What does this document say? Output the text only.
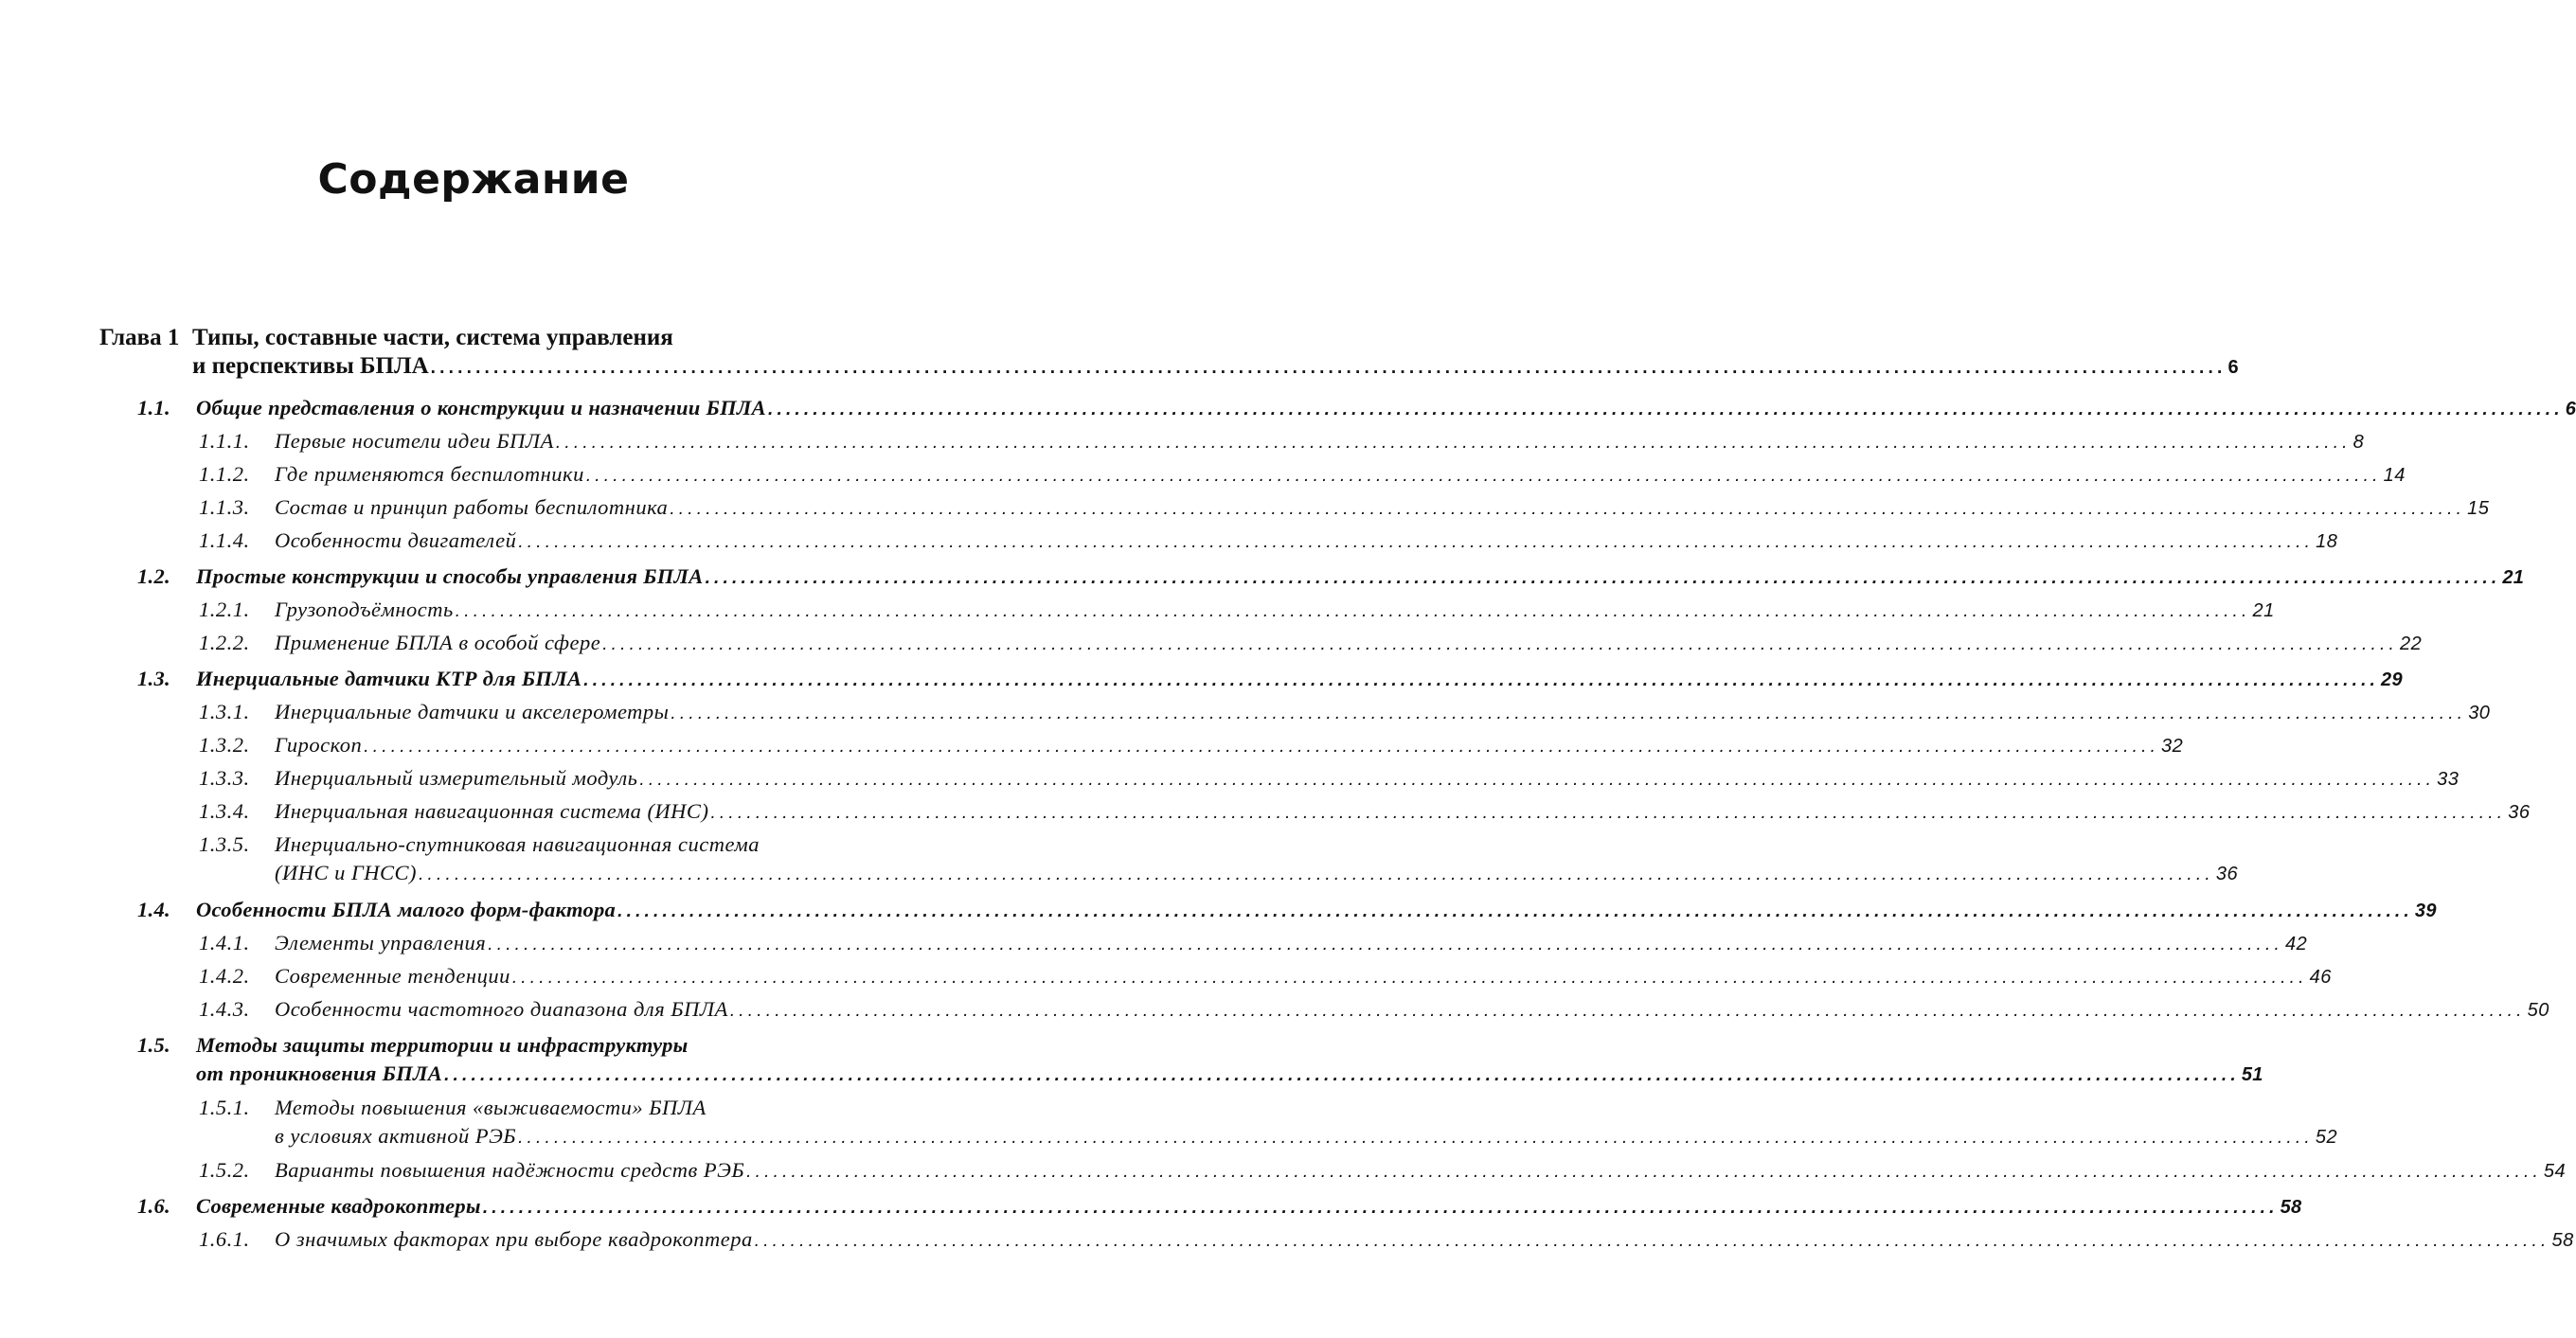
Содержание
Глава 1 Типы, составные части, система управления
и перспективы БПЛА ........................................................................................................................................................................................................ 6
1.1. Общие представления о конструкции и назначении БПЛА ........................................................................................................................................................................................................ 6
1.1.1. Первые носители идеи БПЛА ........................................................................................................................................................................................................ 8
1.1.2. Где применяются беспилотники ........................................................................................................................................................................................................ 14
1.1.3. Состав и принцип работы беспилотника ........................................................................................................................................................................................................ 15
1.1.4. Особенности двигателей ........................................................................................................................................................................................................ 18
1.2. Простые конструкции и способы управления БПЛА ........................................................................................................................................................................................................ 21
1.2.1. Грузоподъёмность ........................................................................................................................................................................................................ 21
1.2.2. Применение БПЛА в особой сфере ........................................................................................................................................................................................................ 22
1.3. Инерциальные датчики КТР для БПЛА ........................................................................................................................................................................................................ 29
1.3.1. Инерциальные датчики и акселерометры ........................................................................................................................................................................................................ 30
1.3.2. Гироскоп ........................................................................................................................................................................................................ 32
1.3.3. Инерциальный измерительный модуль ........................................................................................................................................................................................................ 33
1.3.4. Инерциальная навигационная система (ИНС) ........................................................................................................................................................................................................ 36
1.3.5. Инерциально-спутниковая навигационная система
(ИНС и ГНСС) ........................................................................................................................................................................................................ 36
1.4. Особенности БПЛА малого форм-фактора ........................................................................................................................................................................................................ 39
1.4.1. Элементы управления ........................................................................................................................................................................................................ 42
1.4.2. Современные тенденции ........................................................................................................................................................................................................ 46
1.4.3. Особенности частотного диапазона для БПЛА ........................................................................................................................................................................................................ 50
1.5. Методы защиты территории и инфраструктуры
от проникновения БПЛА ........................................................................................................................................................................................................ 51
1.5.1. Методы повышения «выживаемости» БПЛА
в условиях активной РЭБ ........................................................................................................................................................................................................ 52
1.5.2. Варианты повышения надёжности средств РЭБ ........................................................................................................................................................................................................ 54
1.6. Современные квадрокоптеры ........................................................................................................................................................................................................ 58
1.6.1. О значимых факторах при выборе квадрокоптера ........................................................................................................................................................................................................ 58
